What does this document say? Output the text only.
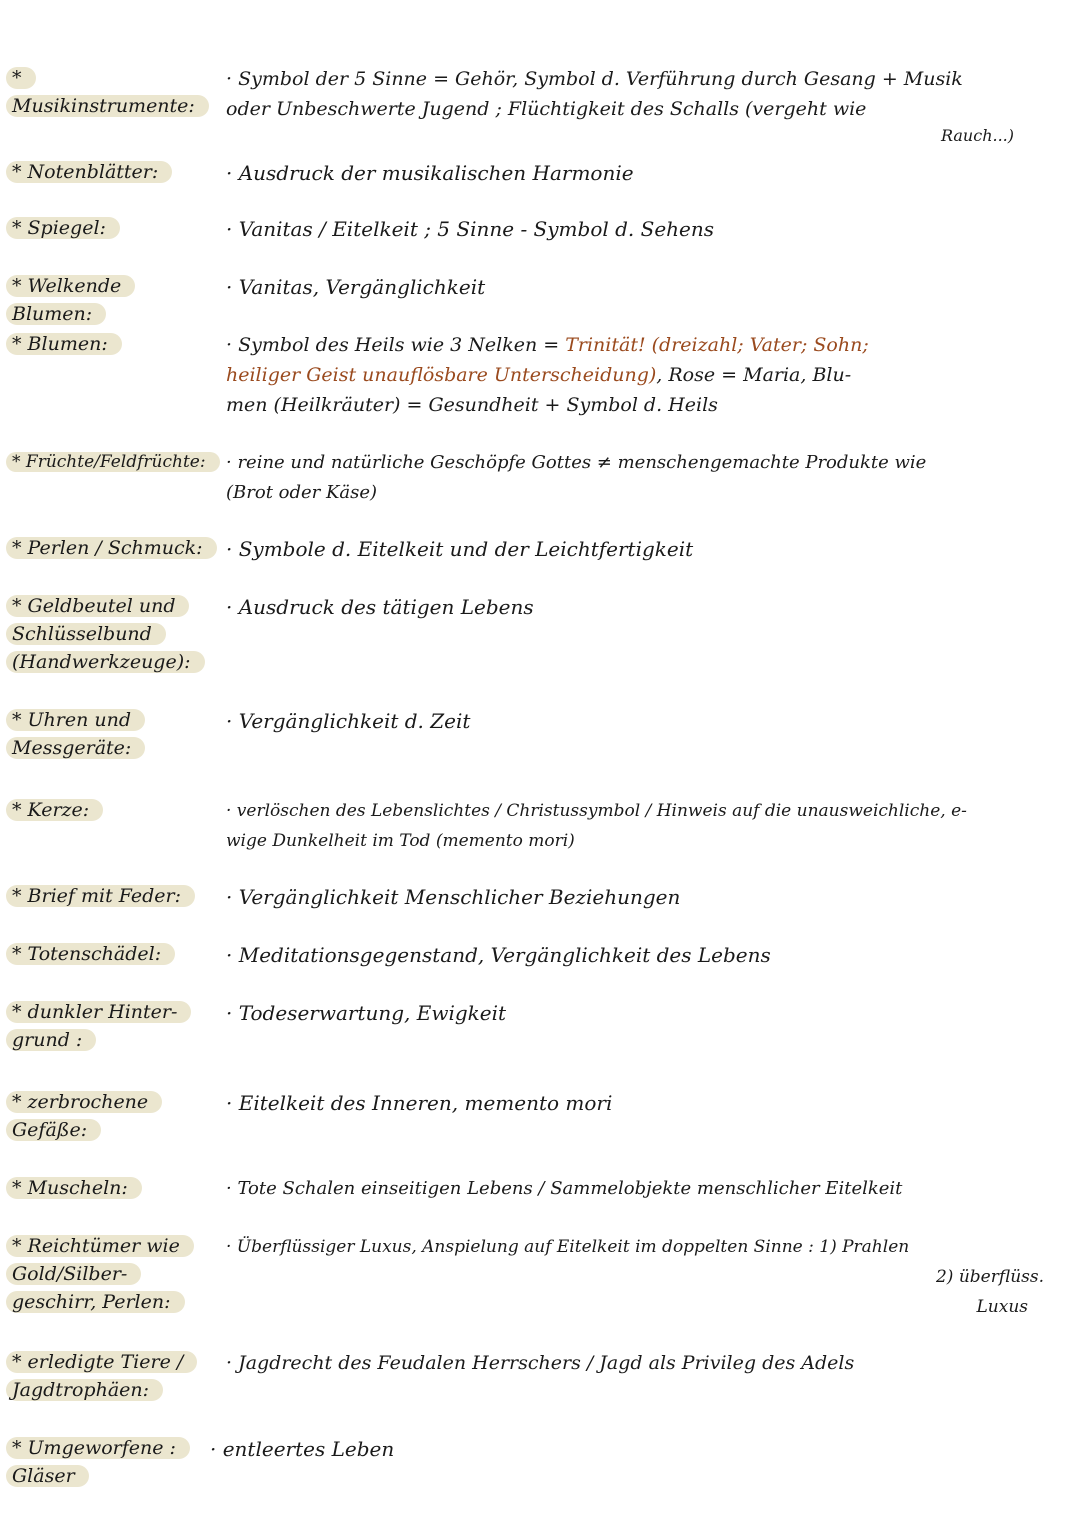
* Musikinstrumente:
· Symbol der 5 Sinne = Gehör, Symbol d. Verführung durch Gesang + Musik
oder Unbeschwerte Jugend ; Flüchtigkeit des Schalls (vergeht wie
Rauch...)
* Notenblätter:	· Ausdruck der musikalischen Harmonie
* Spiegel:	· Vanitas / Eitelkeit ; 5 Sinne - Symbol d. Sehens
* Welkende Blumen:
· Vanitas, Vergänglichkeit
* Blumen:	· Symbol des Heils wie 3 Nelken = Trinität! (dreizahl; Vater; Sohn;
heiliger Geist unauflösbare Unterscheidung), Rose = Maria, Blu-
men (Heilkräuter) = Gesundheit + Symbol d. Heils
* Früchte/Feldfrüchte:	· reine und natürliche Geschöpfe Gottes ≠ menschengemachte Produkte wie
(Brot oder Käse)
* Perlen / Schmuck:	· Symbole d. Eitelkeit und der Leichtfertigkeit
* Geldbeutel und Schlüsselbund (Handwerkzeuge):
· Ausdruck des tätigen Lebens
* Uhren und Messgeräte:
· Vergänglichkeit d. Zeit
* Kerze:	· verlöschen des Lebenslichtes / Christussymbol / Hinweis auf die unausweichliche, e-
wige Dunkelheit im Tod (memento mori)
* Brief mit Feder:	· Vergänglichkeit Menschlicher Beziehungen
* Totenschädel:	· Meditationsgegenstand, Vergänglichkeit des Lebens
* dunkler Hinter- grund :
· Todeserwartung, Ewigkeit
* zerbrochene Gefäße:
· Eitelkeit des Inneren, memento mori
* Muscheln:	· Tote Schalen einseitigen Lebens / Sammelobjekte menschlicher Eitelkeit
* Reichtümer wie Gold/Silber- geschirr, Perlen:
· Überflüssiger Luxus, Anspielung auf Eitelkeit im doppelten Sinne : 1) Prahlen
2) überflüss.
Luxus
* erledigte Tiere / Jagdtrophäen:
· Jagdrecht des Feudalen Herrschers / Jagd als Privileg des Adels
* Umgeworfene : Gläser
· entleertes Leben
